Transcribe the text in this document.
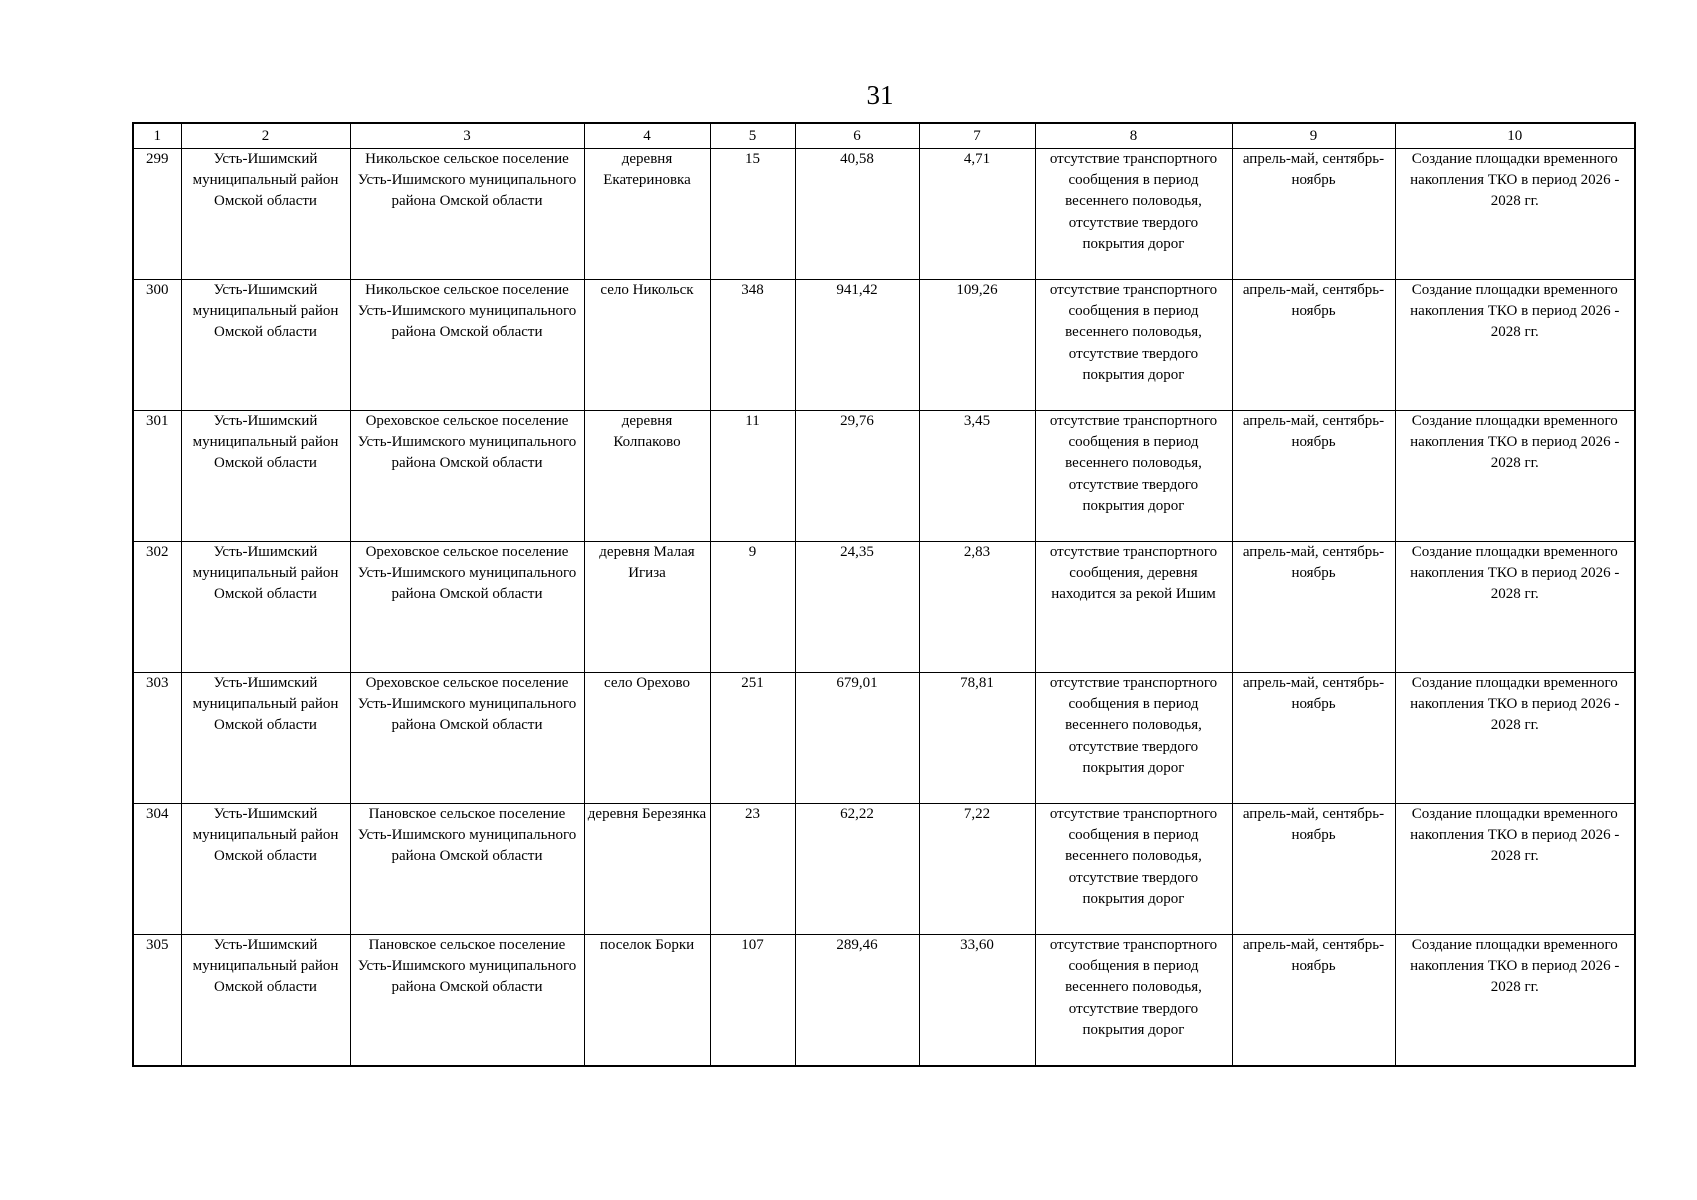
31
1	2	3	4	5	6	7	8	9	10
299	Усть-Ишимский муниципальный район Омской области	Никольское сельское поселение Усть-Ишимского муниципального района Омской области	деревня Екатериновка	15	40,58	4,71	отсутствие транспортного сообщения в период весеннего половодья, отсутствие твердого покрытия дорог	апрель-май, сентябрь-ноябрь	Создание площадки временного накопления ТКО в период 2026 - 2028 гг.
300	Усть-Ишимский муниципальный район Омской области	Никольское сельское поселение Усть-Ишимского муниципального района Омской области	село Никольск	348	941,42	109,26	отсутствие транспортного сообщения в период весеннего половодья, отсутствие твердого покрытия дорог	апрель-май, сентябрь-ноябрь	Создание площадки временного накопления ТКО в период 2026 - 2028 гг.
301	Усть-Ишимский муниципальный район Омской области	Ореховское сельское поселение Усть-Ишимского муниципального района Омской области	деревня Колпаково	11	29,76	3,45	отсутствие транспортного сообщения в период весеннего половодья, отсутствие твердого покрытия дорог	апрель-май, сентябрь-ноябрь	Создание площадки временного накопления ТКО в период 2026 - 2028 гг.
302	Усть-Ишимский муниципальный район Омской области	Ореховское сельское поселение Усть-Ишимского муниципального района Омской области	деревня Малая Игиза	9	24,35	2,83	отсутствие транспортного сообщения, деревня находится за рекой Ишим	апрель-май, сентябрь-ноябрь	Создание площадки временного накопления ТКО в период 2026 - 2028 гг.
303	Усть-Ишимский муниципальный район Омской области	Ореховское сельское поселение Усть-Ишимского муниципального района Омской области	село Орехово	251	679,01	78,81	отсутствие транспортного сообщения в период весеннего половодья, отсутствие твердого покрытия дорог	апрель-май, сентябрь-ноябрь	Создание площадки временного накопления ТКО в период 2026 - 2028 гг.
304	Усть-Ишимский муниципальный район Омской области	Пановское сельское поселение Усть-Ишимского муниципального района Омской области	деревня Березянка	23	62,22	7,22	отсутствие транспортного сообщения в период весеннего половодья, отсутствие твердого покрытия дорог	апрель-май, сентябрь-ноябрь	Создание площадки временного накопления ТКО в период 2026 - 2028 гг.
305	Усть-Ишимский муниципальный район Омской области	Пановское сельское поселение Усть-Ишимского муниципального района Омской области	поселок Борки	107	289,46	33,60	отсутствие транспортного сообщения в период весеннего половодья, отсутствие твердого покрытия дорог	апрель-май, сентябрь-ноябрь	Создание площадки временного накопления ТКО в период 2026 - 2028 гг.
